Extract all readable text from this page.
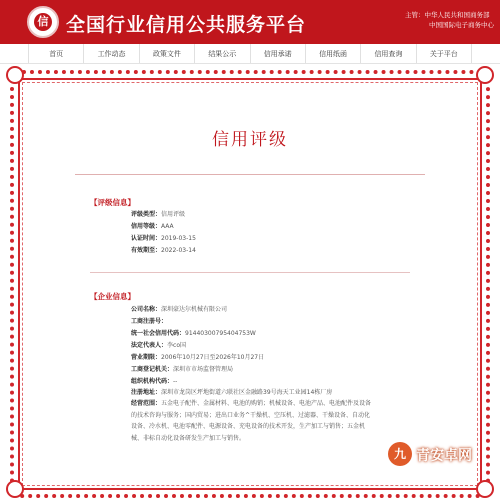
信 全国行业信用公共服务平台	主管：中华人民共和国商务部
中国国际电子商务中心
首页	工作动态	政策文件	结果公示	信用承诺	信用纸函	信用查询	关于平台
信用评级
【评级信息】
评级类型：信用评级
信用等级：AAA
认证时间：2019-03-15
有效期至：2022-03-14
【企业信息】
公司名称：深圳豪达尔机械有限公司
工商注册号：
统一社会信用代码：91440300795404753W
法定代表人：李co国
营业期限：2006年10月27日至2026年10月27日
工商登记机关：深圳市市场监督管理局
组织机构代码：--
注册地址：深圳市龙岗区坪地街道六联社区金融路39号海天工业园14栋厂房
经营范围：五金电子配件、金属材料、电池的购销；机械设备、电池产品、电池配件及设备的技术咨询与服务；国内贸易；进出口业务^干燥机、空压机、过滤器、干燥设备、自动化设备、冷水机、电池零配件、电源设备、充电设备的技术开发，生产加工与销售；五金机械、非标自动化设备研发生产加工与销售。
九 青安卓网
